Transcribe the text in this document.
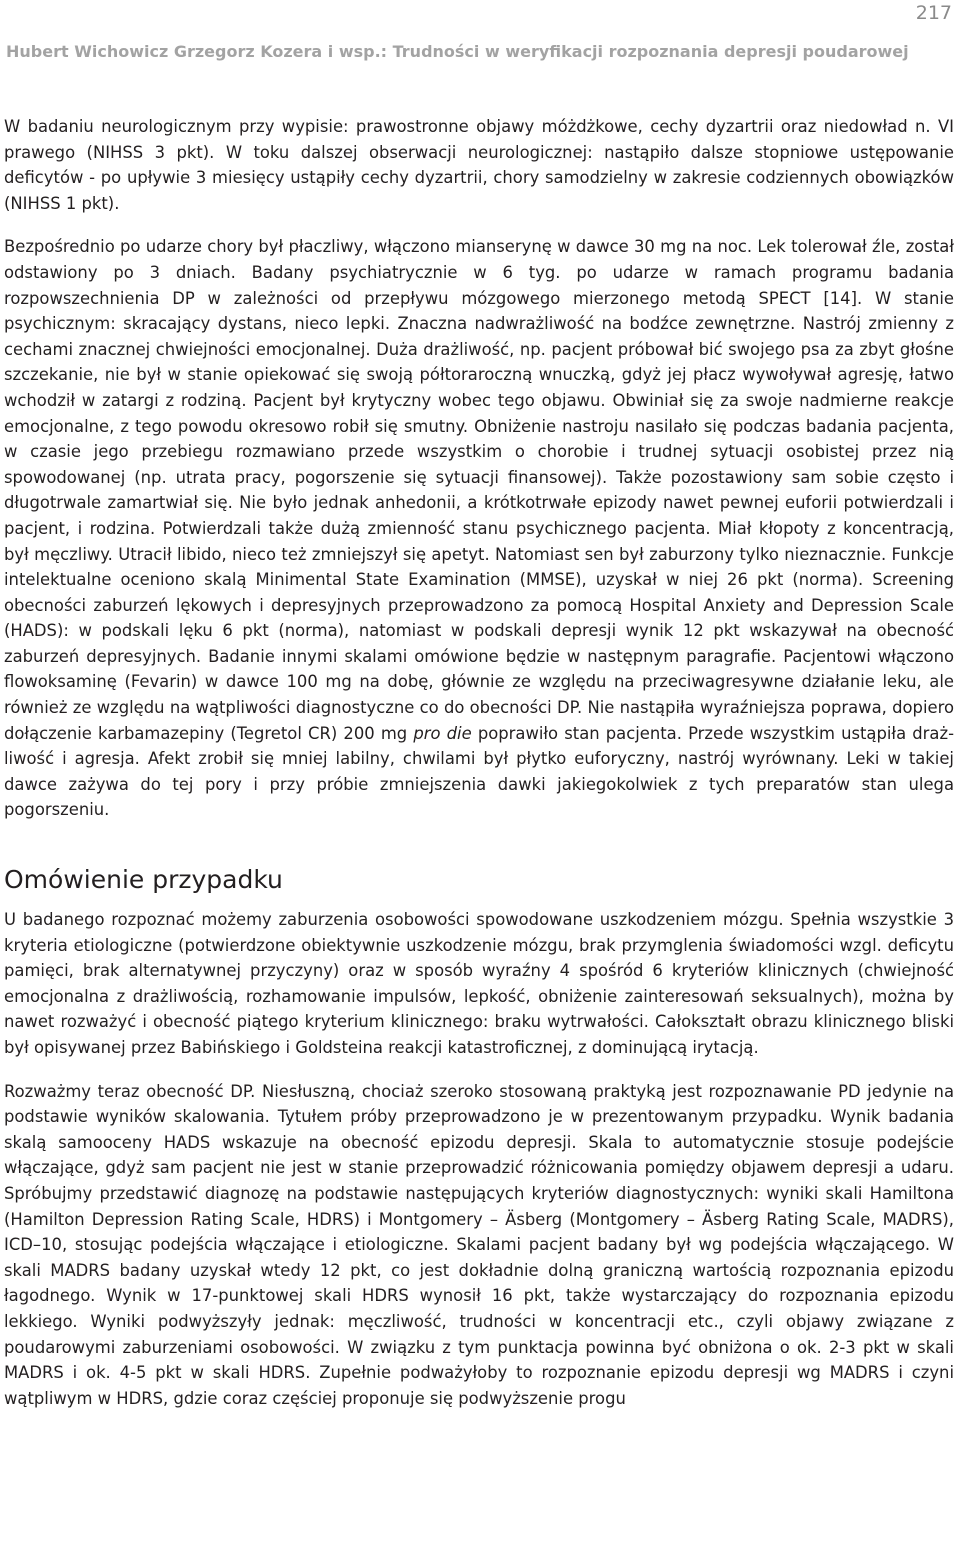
217
Hubert Wichowicz Grzegorz Kozera i wsp.: Trudności w weryfikacji rozpoznania depresji poudarowej

W badaniu neurologicznym przy wypisie: prawostronne objawy móżdżkowe, cechy dyzartrii oraz niedowład n. VI prawego (NIHSS 3 pkt). W toku dalszej obserwacji neurologicznej: nastąpiło dalsze stopniowe ustępowanie deficytów - po upływie 3 miesięcy ustąpiły cechy dyzartrii, chory samodzielny w zakresie codziennych obowiązków (NIHSS 1 pkt).

Bezpośrednio po udarze chory był płaczliwy, włączono mianserynę w dawce 30 mg na noc. Lek tolerował źle, został odstawiony po 3 dniach. Badany psychiatrycznie w 6 tyg. po udarze w ramach programu badania rozpowszechnienia DP w zależności od przepływu mózgowego mierzonego metodą SPECT [14]. W stanie psychicznym: skracający dystans, nieco lepki. Znaczna nadwrażliwość na bodźce zewnętrzne. Nastrój zmienny z cechami znacznej chwiejności emocjonalnej. Duża drażliwość, np. pacjent próbował bić swojego psa za zbyt głośne szczekanie, nie był w stanie opiekować się swoją półtoraroczną wnuczką, gdyż jej płacz wywoływał agresję, łatwo wchodził w zatargi z rodziną. Pacjent był krytyczny wobec tego objawu. Obwiniał się za swoje nadmierne reakcje emocjonalne, z tego powodu okresowo robił się smutny. Obniżenie nastroju nasilało się podczas badania pacjenta, w czasie jego przebiegu rozmawiano przede wszystkim o chorobie i trudnej sytuacji osobistej przez nią spowodowanej (np. utrata pracy, pogorszenie się sytuacji finansowej). Także pozostawiony sam sobie często i długotrwale zamartwiał się. Nie było jednak anhedonii, a krótkotrwałe epizody nawet pewnej euforii potwierdzali i pacjent, i rodzina. Potwierdzali także dużą zmienność stanu psychicznego pacjenta. Miał kłopoty z koncentracją, był męczliwy. Utracił libido, nieco też zmniejszył się apetyt. Natomiast sen był zaburzony tylko nieznacznie. Funkcje intelektualne oceniono skalą Minimental State Examination (MMSE), uzyskał w niej 26 pkt (norma). Screening obecności zaburzeń lękowych i depresyjnych przeprowadzono za pomocą Hospital Anxiety and Depression Scale (HADS): w podskali lęku 6 pkt (norma), natomiast w podskali depresji wynik 12 pkt wskazywał na obecność zaburzeń depresyjnych. Badanie innymi skalami omówione będzie w następnym paragrafie. Pacjentowi włączono flowoksaminę (Fevarin) w dawce 100 mg na dobę, głównie ze względu na przeciwagresywne działanie leku, ale również ze względu na wątpliwości diagnostyczne co do obecności DP. Nie nastąpiła wyraźniejsza poprawa, dopiero dołączenie karbamazepiny (Tegretol CR) 200 mg pro die poprawiło stan pacjenta. Przede wszystkim ustąpiła drażliwość i agresja. Afekt zrobił się mniej labilny, chwilami był płytko euforyczny, nastrój wyrównany. Leki w takiej dawce zażywa do tej pory i przy próbie zmniejszenia dawki jakiegokolwiek z tych preparatów stan ulega pogorszeniu.

Omówienie przypadku

U badanego rozpoznać możemy zaburzenia osobowości spowodowane uszkodzeniem mózgu. Spełnia wszystkie 3 kryteria etiologiczne (potwierdzone obiektywnie uszkodzenie mózgu, brak przymglenia świadomości wzgl. deficytu pamięci, brak alternatywnej przyczyny) oraz w sposób wyraźny 4 spośród 6 kryteriów klinicznych (chwiejność emocjonalna z drażliwością, rozhamowanie impulsów, lepkość, obniżenie zainteresowań seksualnych), można by nawet rozważyć i obecność piątego kryterium klinicznego: braku wytrwałości. Całokształt obrazu klinicznego bliski był opisywanej przez Babińskiego i Goldsteina reakcji katastroficznej, z dominującą irytacją.

Rozważmy teraz obecność DP. Niesłuszną, chociaż szeroko stosowaną praktyką jest rozpoznawanie PD jedynie na podstawie wyników skalowania. Tytułem próby przeprowadzono je w prezentowanym przypadku. Wynik badania skalą samooceny HADS wskazuje na obecność epizodu depresji. Skala to automatycznie stosuje podejście włączające, gdyż sam pacjent nie jest w stanie przeprowadzić różnicowania pomiędzy objawem depresji a udaru. Spróbujmy przedstawić diagnozę na podstawie następujących kryteriów diagnostycznych: wyniki skali Hamiltona (Hamilton Depression Rating Scale, HDRS) i Montgomery – Äsberg (Montgomery – Äsberg Rating Scale, MADRS), ICD–10, stosując podejścia włączające i etiologiczne. Skalami pacjent badany był wg podejścia włączającego. W skali MADRS badany uzyskał wtedy 12 pkt, co jest dokładnie dolną graniczną wartością rozpoznania epizodu łagodnego. Wynik w 17-punktowej skali HDRS wynosił 16 pkt, także wystarczający do rozpoznania epizodu lekkiego. Wyniki podwyższyły jednak: męczliwość, trudności w koncentracji etc., czyli objawy związane z poudarowymi zaburzeniami osobowości. W związku z tym punktacja powinna być obniżona o ok. 2-3 pkt w skali MADRS i ok. 4-5 pkt w skali HDRS. Zupełnie podważyłoby to rozpoznanie epizodu depresji wg MADRS i czyni wątpliwym w HDRS, gdzie coraz częściej proponuje się podwyższenie progu
